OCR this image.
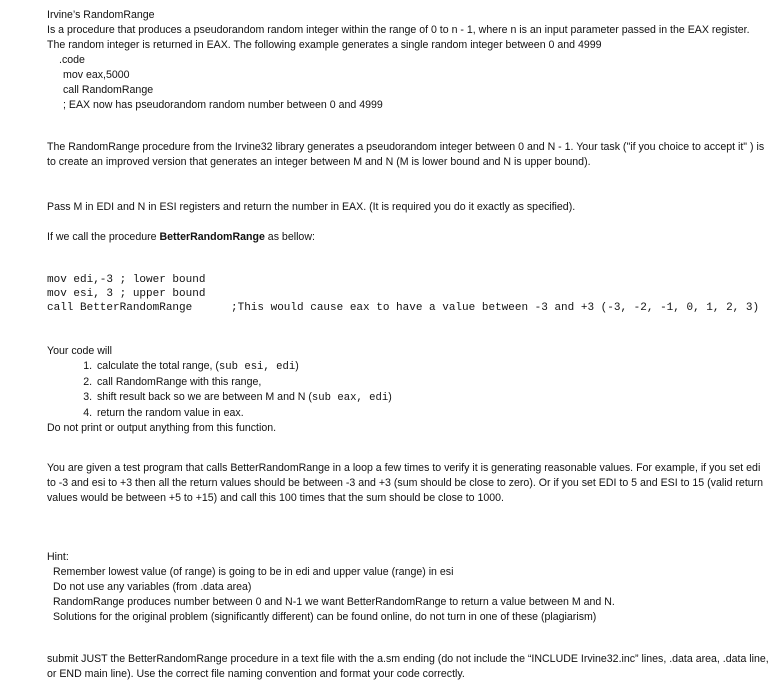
Irvine’s RandomRange

Is a procedure that produces a pseudorandom random integer within the range of 0 to n - 1, where n is an input parameter passed in the EAX register. The random integer is returned in EAX. The following example generates a single random integer between 0 and 4999

.code
mov eax,5000
call RandomRange
; EAX now has pseudorandom random number between 0 and 4999

The RandomRange procedure from the Irvine32 library generates a pseudorandom integer between 0 and N - 1. Your task ("if you choice to accept it" ) is to create an improved version that generates an integer between M and N (M is lower bound and N is upper bound).

Pass M in EDI and N in ESI registers and return the number in EAX. (It is required you do it exactly as specified).

If we call the procedure BetterRandomRange as bellow:

mov edi,-3 ; lower bound
mov esi, 3 ; upper bound
call BetterRandomRange	;This would cause eax to have a value between -3 and +3 (-3, -2, -1, 0, 1, 2, 3)

Your code will

1. calculate the total range, (sub esi, edi)
2. call RandomRange with this range,
3. shift result back so we are between M and N (sub eax, edi)
4. return the random value in eax.

Do not print or output anything from this function.

You are given a test program that calls BetterRandomRange in a loop a few times to verify it is generating reasonable values. For example, if you set edi to -3 and esi to +3 then all the return values should be between -3 and +3 (sum should be close to zero). Or if you set EDI to 5 and ESI to 15 (valid return values would be between +5 to +15) and call this 100 times that the sum should be close to 1000.

Hint:

Remember lowest value (of range) is going to be in edi and upper value (range) in esi

Do not use any variables (from .data area)

RandomRange produces number between 0 and N-1 we want BetterRandomRange to return a value between M and N.

Solutions for the original problem (significantly different) can be found online, do not turn in one of these (plagiarism)

submit JUST the BetterRandomRange procedure in a text file with the a.sm ending (do not include the “INCLUDE Irvine32.inc” lines, .data area, .data line, or END main line). Use the correct file naming convention and format your code correctly.
